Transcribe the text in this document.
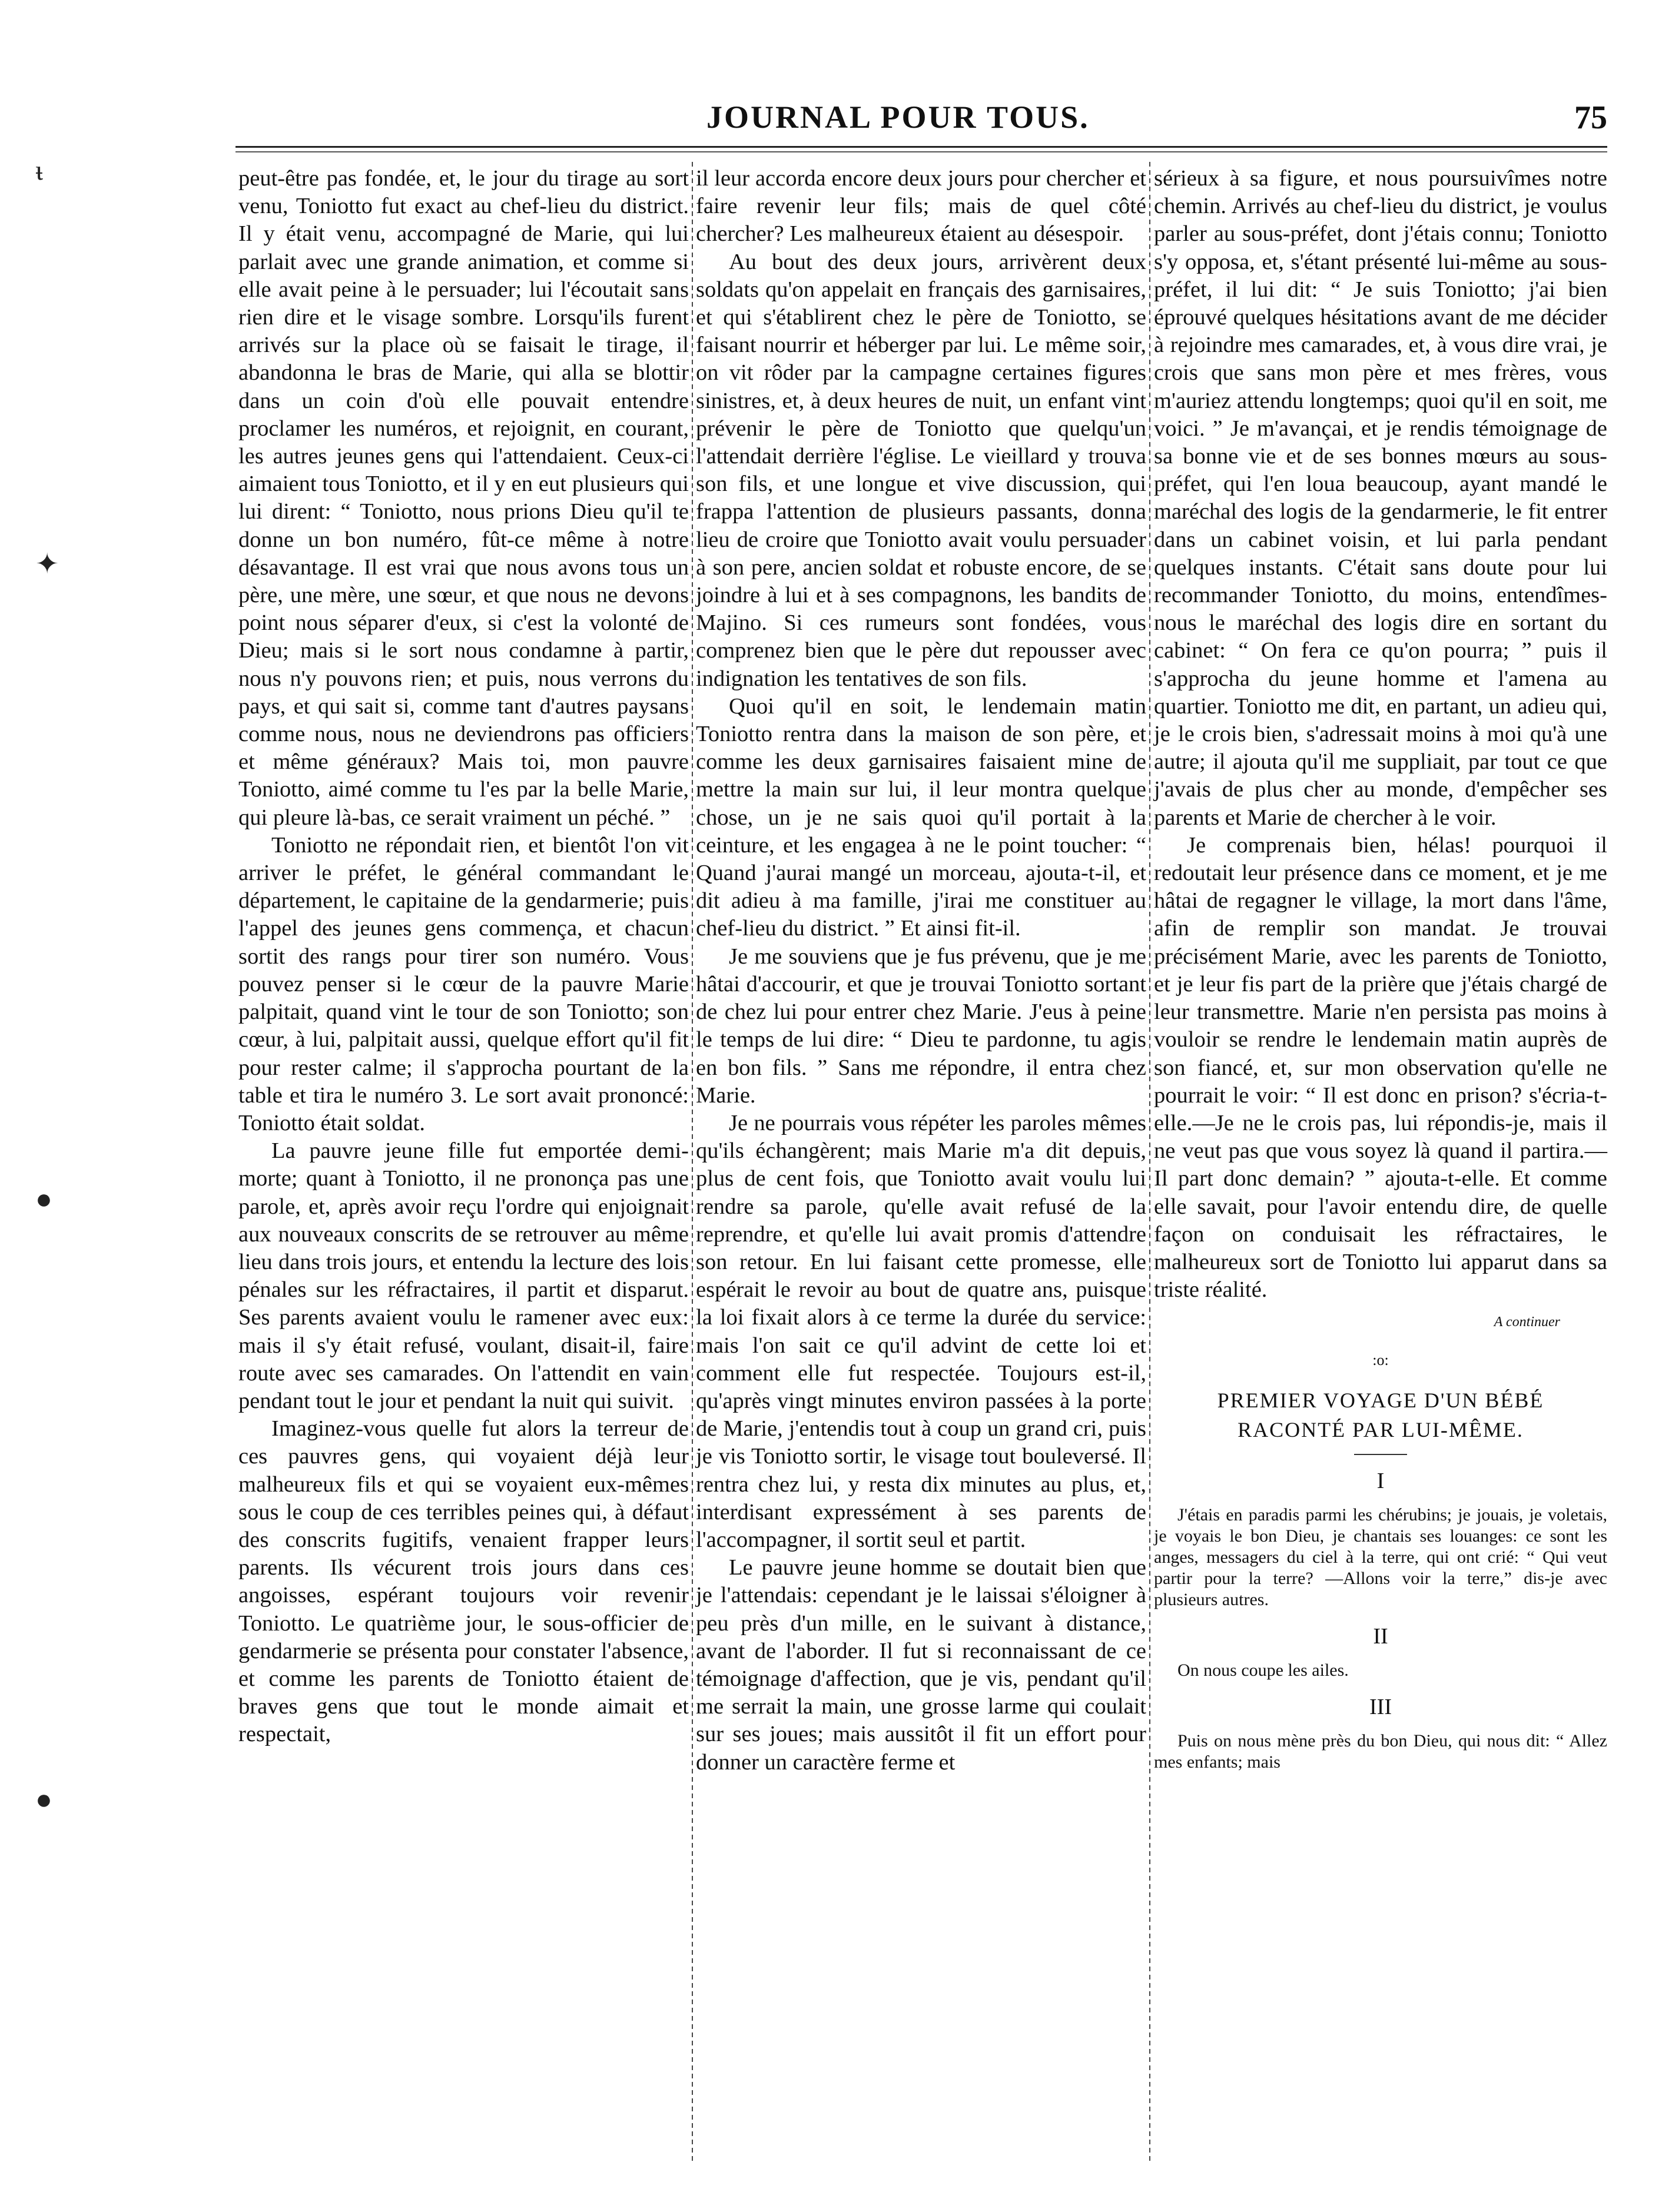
JOURNAL POUR TOUS.	75
ᵼ
✦
●
●

peut-être pas fondée, et, le jour du tirage au sort venu, Toniotto fut exact au chef-lieu du district. Il y était venu, accompagné de Marie, qui lui parlait avec une grande animation, et comme si elle avait peine à le persuader; lui l'écoutait sans rien dire et le visage sombre. Lorsqu'ils furent arrivés sur la place où se faisait le tirage, il abandonna le bras de Marie, qui alla se blottir dans un coin d'où elle pouvait entendre proclamer les numéros, et rejoignit, en courant, les autres jeunes gens qui l'attendaient. Ceux-ci aimaient tous Toniotto, et il y en eut plusieurs qui lui dirent: “ Toniotto, nous prions Dieu qu'il te donne un bon numéro, fût-ce même à notre désavantage. Il est vrai que nous avons tous un père, une mère, une sœur, et que nous ne devons point nous séparer d'eux, si c'est la volonté de Dieu; mais si le sort nous condamne à partir, nous n'y pouvons rien; et puis, nous verrons du pays, et qui sait si, comme tant d'autres paysans comme nous, nous ne deviendrons pas officiers et même généraux? Mais toi, mon pauvre Toniotto, aimé comme tu l'es par la belle Marie, qui pleure là-bas, ce serait vraiment un péché. ”

Toniotto ne répondait rien, et bientôt l'on vit arriver le préfet, le général commandant le département, le capitaine de la gendarmerie; puis l'appel des jeunes gens commença, et chacun sortit des rangs pour tirer son numéro. Vous pouvez penser si le cœur de la pauvre Marie palpitait, quand vint le tour de son Toniotto; son cœur, à lui, palpitait aussi, quelque effort qu'il fit pour rester calme; il s'approcha pourtant de la table et tira le numéro 3. Le sort avait prononcé: Toniotto était soldat.

La pauvre jeune fille fut emportée demi-morte; quant à Toniotto, il ne prononça pas une parole, et, après avoir reçu l'ordre qui enjoignait aux nouveaux conscrits de se retrouver au même lieu dans trois jours, et entendu la lecture des lois pénales sur les réfractaires, il partit et disparut. Ses parents avaient voulu le ramener avec eux: mais il s'y était refusé, voulant, disait-il, faire route avec ses camarades. On l'attendit en vain pendant tout le jour et pendant la nuit qui suivit.

Imaginez-vous quelle fut alors la terreur de ces pauvres gens, qui voyaient déjà leur malheureux fils et qui se voyaient eux-mêmes sous le coup de ces terribles peines qui, à défaut des conscrits fugitifs, venaient frapper leurs parents. Ils vécurent trois jours dans ces angoisses, espérant toujours voir revenir Toniotto. Le quatrième jour, le sous-officier de gendarmerie se présenta pour constater l'absence, et comme les parents de Toniotto étaient de braves gens que tout le monde aimait et respectait,

il leur accorda encore deux jours pour chercher et faire revenir leur fils; mais de quel côté chercher? Les malheureux étaient au désespoir.

Au bout des deux jours, arrivèrent deux soldats qu'on appelait en français des garnisaires, et qui s'établirent chez le père de Toniotto, se faisant nourrir et héberger par lui. Le même soir, on vit rôder par la campagne certaines figures sinistres, et, à deux heures de nuit, un enfant vint prévenir le père de Toniotto que quelqu'un l'attendait derrière l'église. Le vieillard y trouva son fils, et une longue et vive discussion, qui frappa l'attention de plusieurs passants, donna lieu de croire que Toniotto avait voulu persuader à son pere, ancien soldat et robuste encore, de se joindre à lui et à ses compagnons, les bandits de Majino. Si ces rumeurs sont fondées, vous comprenez bien que le père dut repousser avec indignation les tentatives de son fils.

Quoi qu'il en soit, le lendemain matin Toniotto rentra dans la maison de son père, et comme les deux garnisaires faisaient mine de mettre la main sur lui, il leur montra quelque chose, un je ne sais quoi qu'il portait à la ceinture, et les engagea à ne le point toucher: “ Quand j'aurai mangé un morceau, ajouta-t-il, et dit adieu à ma famille, j'irai me constituer au chef-lieu du district. ” Et ainsi fit-il.

Je me souviens que je fus prévenu, que je me hâtai d'accourir, et que je trouvai Toniotto sortant de chez lui pour entrer chez Marie. J'eus à peine le temps de lui dire: “ Dieu te pardonne, tu agis en bon fils. ” Sans me répondre, il entra chez Marie.

Je ne pourrais vous répéter les paroles mêmes qu'ils échangèrent; mais Marie m'a dit depuis, plus de cent fois, que Toniotto avait voulu lui rendre sa parole, qu'elle avait refusé de la reprendre, et qu'elle lui avait promis d'attendre son retour. En lui faisant cette promesse, elle espérait le revoir au bout de quatre ans, puisque la loi fixait alors à ce terme la durée du service: mais l'on sait ce qu'il advint de cette loi et comment elle fut respectée. Toujours est-il, qu'après vingt minutes environ passées à la porte de Marie, j'entendis tout à coup un grand cri, puis je vis Toniotto sortir, le visage tout bouleversé. Il rentra chez lui, y resta dix minutes au plus, et, interdisant expressément à ses parents de l'accompagner, il sortit seul et partit.

Le pauvre jeune homme se doutait bien que je l'attendais: cependant je le laissai s'éloigner à peu près d'un mille, en le suivant à distance, avant de l'aborder. Il fut si reconnaissant de ce témoignage d'affection, que je vis, pendant qu'il me serrait la main, une grosse larme qui coulait sur ses joues; mais aussitôt il fit un effort pour donner un caractère ferme et

sérieux à sa figure, et nous poursuivîmes notre chemin. Arrivés au chef-lieu du district, je voulus parler au sous-préfet, dont j'étais connu; Toniotto s'y opposa, et, s'étant présenté lui-même au sous-préfet, il lui dit: “ Je suis Toniotto; j'ai bien éprouvé quelques hésitations avant de me décider à rejoindre mes camarades, et, à vous dire vrai, je crois que sans mon père et mes frères, vous m'auriez attendu longtemps; quoi qu'il en soit, me voici. ” Je m'avançai, et je rendis témoignage de sa bonne vie et de ses bonnes mœurs au sous-préfet, qui l'en loua beaucoup, ayant mandé le maréchal des logis de la gendarmerie, le fit entrer dans un cabinet voisin, et lui parla pendant quelques instants. C'était sans doute pour lui recommander Toniotto, du moins, entendîmes-nous le maréchal des logis dire en sortant du cabinet: “ On fera ce qu'on pourra; ” puis il s'approcha du jeune homme et l'amena au quartier. Toniotto me dit, en partant, un adieu qui, je le crois bien, s'adressait moins à moi qu'à une autre; il ajouta qu'il me suppliait, par tout ce que j'avais de plus cher au monde, d'empêcher ses parents et Marie de chercher à le voir.

Je comprenais bien, hélas! pourquoi il redoutait leur présence dans ce moment, et je me hâtai de regagner le village, la mort dans l'âme, afin de remplir son mandat. Je trouvai précisément Marie, avec les parents de Toniotto, et je leur fis part de la prière que j'étais chargé de leur transmettre. Marie n'en persista pas moins à vouloir se rendre le lendemain matin auprès de son fiancé, et, sur mon observation qu'elle ne pourrait le voir: “ Il est donc en prison? s'écria-t-elle.—Je ne le crois pas, lui répondis-je, mais il ne veut pas que vous soyez là quand il partira.—Il part donc demain? ” ajouta-t-elle. Et comme elle savait, pour l'avoir entendu dire, de quelle façon on conduisait les réfractaires, le malheureux sort de Toniotto lui apparut dans sa triste réalité.

A continuer
:o:
PREMIER VOYAGE D'UN BÉBÉ
RACONTÉ PAR LUI-MÊME.
I

J'étais en paradis parmi les chérubins; je jouais, je voletais, je voyais le bon Dieu, je chantais ses louanges: ce sont les anges, messagers du ciel à la terre, qui ont crié: “ Qui veut partir pour la terre? —Allons voir la terre,” dis-je avec plusieurs autres.

II

On nous coupe les ailes.

III

Puis on nous mène près du bon Dieu, qui nous dit: “ Allez mes enfants; mais
